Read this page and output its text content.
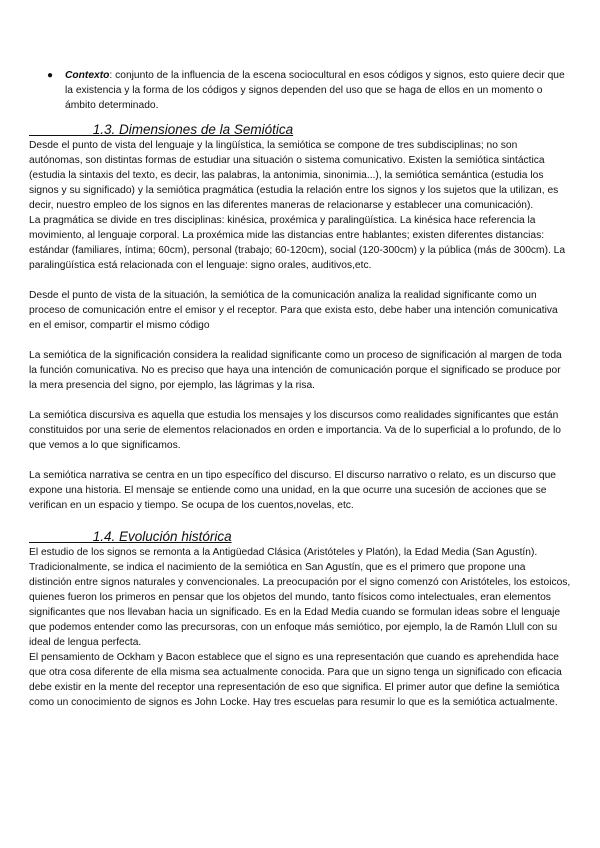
●	Contexto: conjunto de la influencia de la escena sociocultural en esos códigos y signos, esto quiere decir que la existencia y la forma de los códigos y signos dependen del uso que se haga de ellos en un momento o ámbito determinado.
1.3. Dimensiones de la Semiótica

Desde el punto de vista del lenguaje y la lingüística, la semiótica se compone de tres subdisciplinas; no son autónomas, son distintas formas de estudiar una situación o sistema comunicativo. Existen la semiótica sintáctica (estudia la sintaxis del texto, es decir, las palabras, la antonimia, sinonimia...), la semiótica semántica (estudia los signos y su significado) y la semiótica pragmática (estudia la relación entre los signos y los sujetos que la utilizan, es decir, nuestro empleo de los signos en las diferentes maneras de relacionarse y establecer una comunicación).

La pragmática se divide en tres disciplinas: kinésica, proxémica y paralingüística. La kinésica hace referencia la movimiento, al lenguaje corporal. La proxémica mide las distancias entre hablantes; existen diferentes distancias: estándar (familiares, íntima; 60cm), personal (trabajo; 60-120cm), social (120-300cm) y la pública (más de 300cm). La paralingüística está relacionada con el lenguaje: signo orales, auditivos,etc.

Desde el punto de vista de la situación, la semiótica de la comunicación analiza la realidad significante como un proceso de comunicación entre el emisor y el receptor. Para que exista esto, debe haber una intención comunicativa en el emisor, compartir el mismo código

La semiótica de la significación considera la realidad significante como un proceso de significación al margen de toda la función comunicativa. No es preciso que haya una intención de comunicación porque el significado se produce por la mera presencia del signo, por ejemplo, las lágrimas y la risa.

La semiótica discursiva es aquella que estudia los mensajes y los discursos como realidades significantes que están constituidos por una serie de elementos relacionados en orden e importancia. Va de lo superficial a lo profundo, de lo que vemos a lo que significamos.

La semiótica narrativa se centra en un tipo específico del discurso. El discurso narrativo o relato, es un discurso que expone una historia. El mensaje se entiende como una unidad, en la que ocurre una sucesión de acciones que se verifican en un espacio y tiempo. Se ocupa de los cuentos,novelas, etc.

1.4. Evolución histórica

El estudio de los signos se remonta a la Antigüedad Clásica (Aristóteles y Platón), la Edad Media (San Agustín). Tradicionalmente, se indica el nacimiento de la semiótica en San Agustín, que es el primero que propone una distinción entre signos naturales y convencionales. La preocupación por el signo comenzó con Aristóteles, los estoicos, quienes fueron los primeros en pensar que los objetos del mundo, tanto físicos como intelectuales, eran elementos significantes que nos llevaban hacia un significado. Es en la Edad Media cuando se formulan ideas sobre el lenguaje que podemos entender como las precursoras, con un enfoque más semiótico, por ejemplo, la de Ramón Llull con su ideal de lengua perfecta.

El pensamiento de Ockham y Bacon establece que el signo es una representación que cuando es aprehendida hace que otra cosa diferente de ella misma sea actualmente conocida. Para que un signo tenga un significado con eficacia debe existir en la mente del receptor una representación de eso que significa. El primer autor que define la semiótica como un conocimiento de signos es John Locke. Hay tres escuelas para resumir lo que es la semiótica actualmente.
